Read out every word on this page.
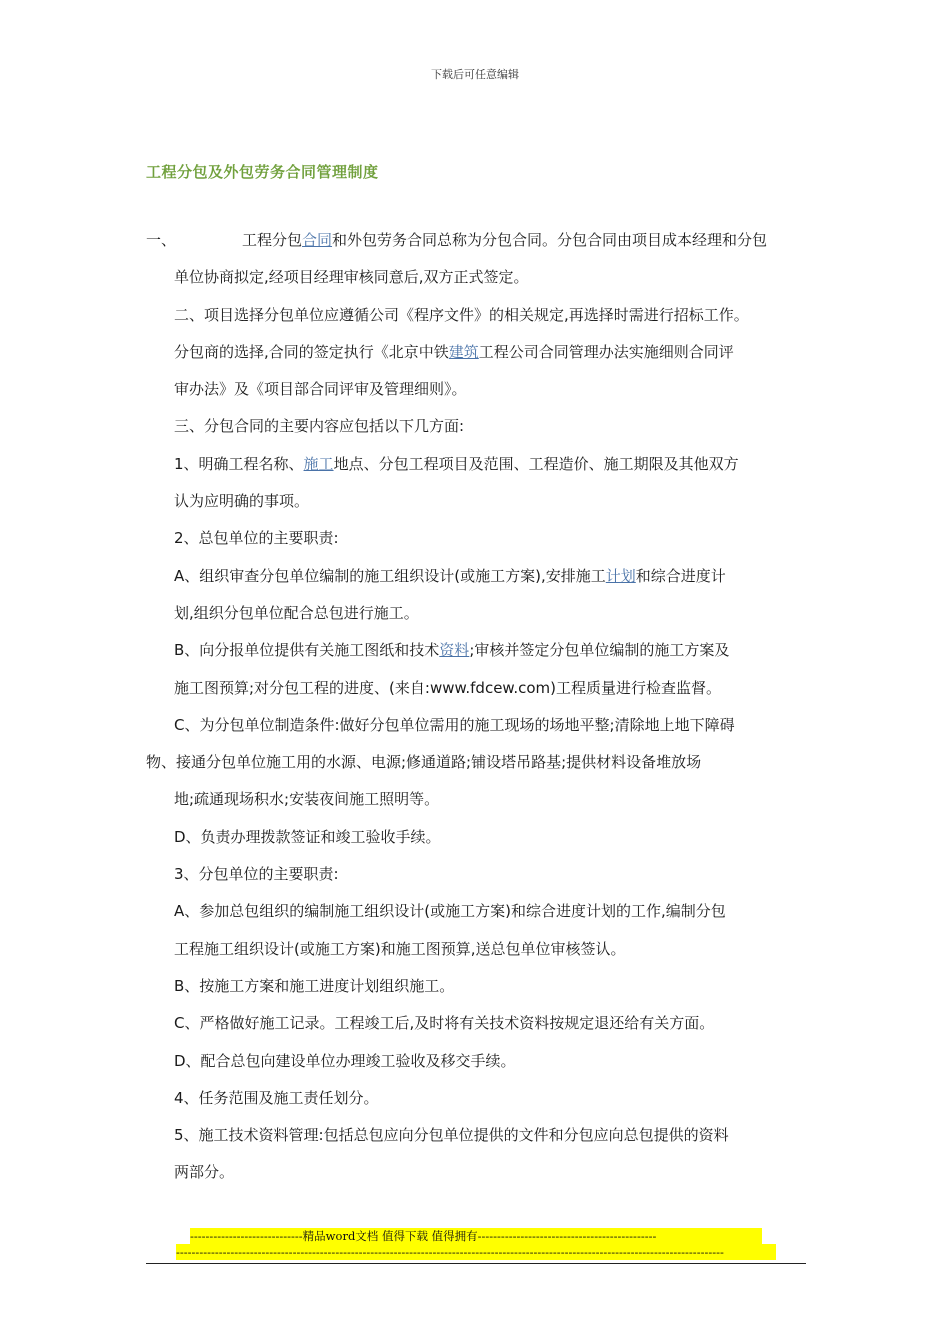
下载后可任意编辑
工程分包及外包劳务合同管理制度
一、	工程分包合同和外包劳务合同总称为分包合同。分包合同由项目成本经理和分包
单位协商拟定,经项目经理审核同意后,双方正式签定。
二、项目选择分包单位应遵循公司《程序文件》的相关规定,再选择时需进行招标工作。
分包商的选择,合同的签定执行《北京中铁建筑工程公司合同管理办法实施细则合同评
审办法》及《项目部合同评审及管理细则》。
三、分包合同的主要内容应包括以下几方面:
1、明确工程名称、施工地点、分包工程项目及范围、工程造价、施工期限及其他双方
认为应明确的事项。
2、总包单位的主要职责:
A、组织审查分包单位编制的施工组织设计(或施工方案),安排施工计划和综合进度计
划,组织分包单位配合总包进行施工。
B、向分报单位提供有关施工图纸和技术资料;审核并签定分包单位编制的施工方案及
施工图预算;对分包工程的进度、(来自:www.fdcew.com)工程质量进行检查监督。
C、为分包单位制造条件:做好分包单位需用的施工现场的场地平整;清除地上地下障碍
物、接通分包单位施工用的水源、电源;修通道路;铺设塔吊路基;提供材料设备堆放场
地;疏通现场积水;安装夜间施工照明等。
D、负责办理拨款签证和竣工验收手续。
3、分包单位的主要职责:
A、参加总包组织的编制施工组织设计(或施工方案)和综合进度计划的工作,编制分包
工程施工组织设计(或施工方案)和施工图预算,送总包单位审核签认。
B、按施工方案和施工进度计划组织施工。
C、严格做好施工记录。工程竣工后,及时将有关技术资料按规定退还给有关方面。
D、配合总包向建设单位办理竣工验收及移交手续。
4、任务范围及施工责任划分。
5、施工技术资料管理:包括总包应向分包单位提供的文件和分包应向总包提供的资料
两部分。
-----------------------------精品word文档 值得下载 值得拥有----------------------------------------------
---------------------------------------------------------------------------------------------------------------------------------------------
